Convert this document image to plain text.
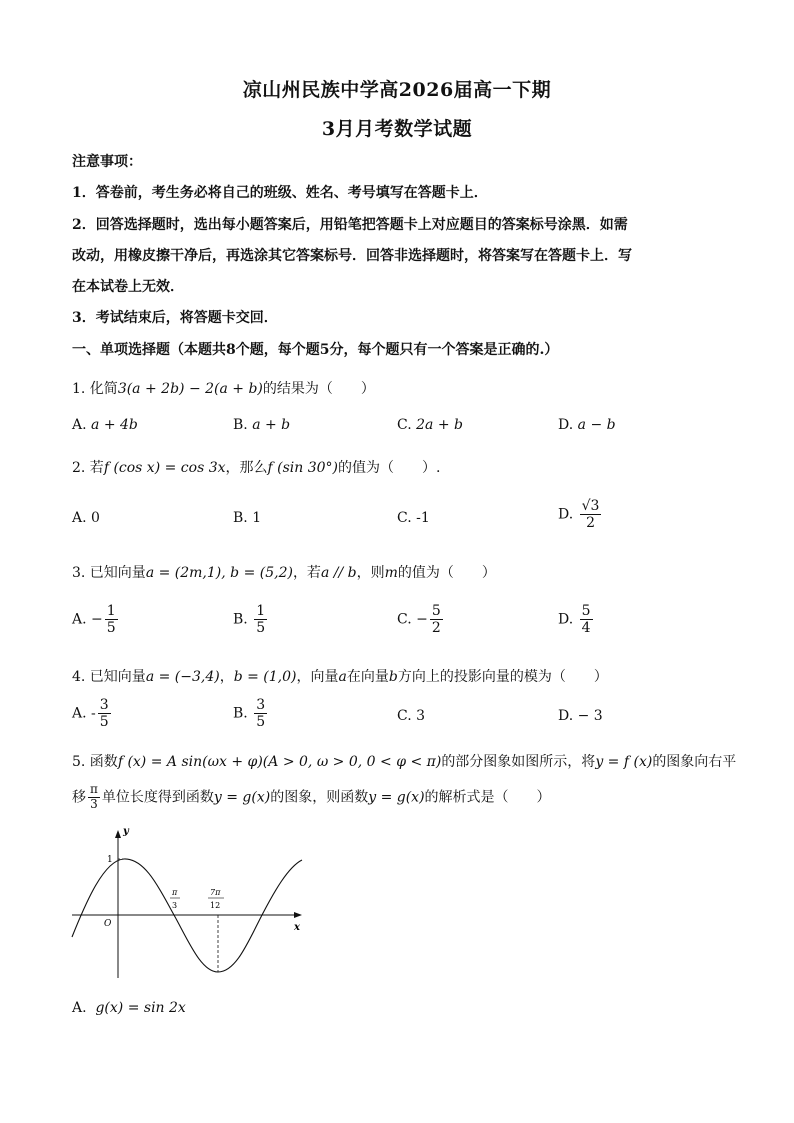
凉山州民族中学高2026届高一下期
3月月考数学试题
注意事项：
1．答卷前，考生务必将自己的班级、姓名、考号填写在答题卡上．
2．回答选择题时，选出每小题答案后，用铅笔把答题卡上对应题目的答案标号涂黑．如需
改动，用橡皮擦干净后，再选涂其它答案标号．回答非选择题时，将答案写在答题卡上．写
在本试卷上无效．
3．考试结束后，将答题卡交回．
一、单项选择题（本题共8个题，每个题5分，每个题只有一个答案是正确的.）
1. 化简3(a + 2b) − 2(a + b)的结果为（　　）
A. a + 4b	B. a + b	C. 2a + b	D. a − b
2. 若f (cos x) = cos 3x，那么f (sin 30°)的值为（　　）.
A. 0	B. 1	C. -1	D. $\frac{√3}{2}$
3. 已知向量a = (2m,1), b = (5,2)，若a // b，则m的值为（　　）
A. − $\frac{1}{5}$	B. $\frac{1}{5}$	C. − $\frac{5}{2}$	D. $\frac{5}{4}$
4. 已知向量a = (−3,4)，b = (1,0)，向量a在向量b方向上的投影向量的模为（　　）
A. - $\frac{3}{5}$	B. $\frac{3}{5}$	C. 3	D. − 3
5. 函数f (x) = A sin(ωx + φ)(A > 0, ω > 0, 0 < φ < π)的部分图象如图所示，将y = f (x)的图象向右平
移 $\frac{\pi}{3}$ 单位长度得到函数y = g(x)的图象，则函数y = g(x)的解析式是（　　）
y
x
O
1
π
3
7π
12
A. g(x) = sin 2x
